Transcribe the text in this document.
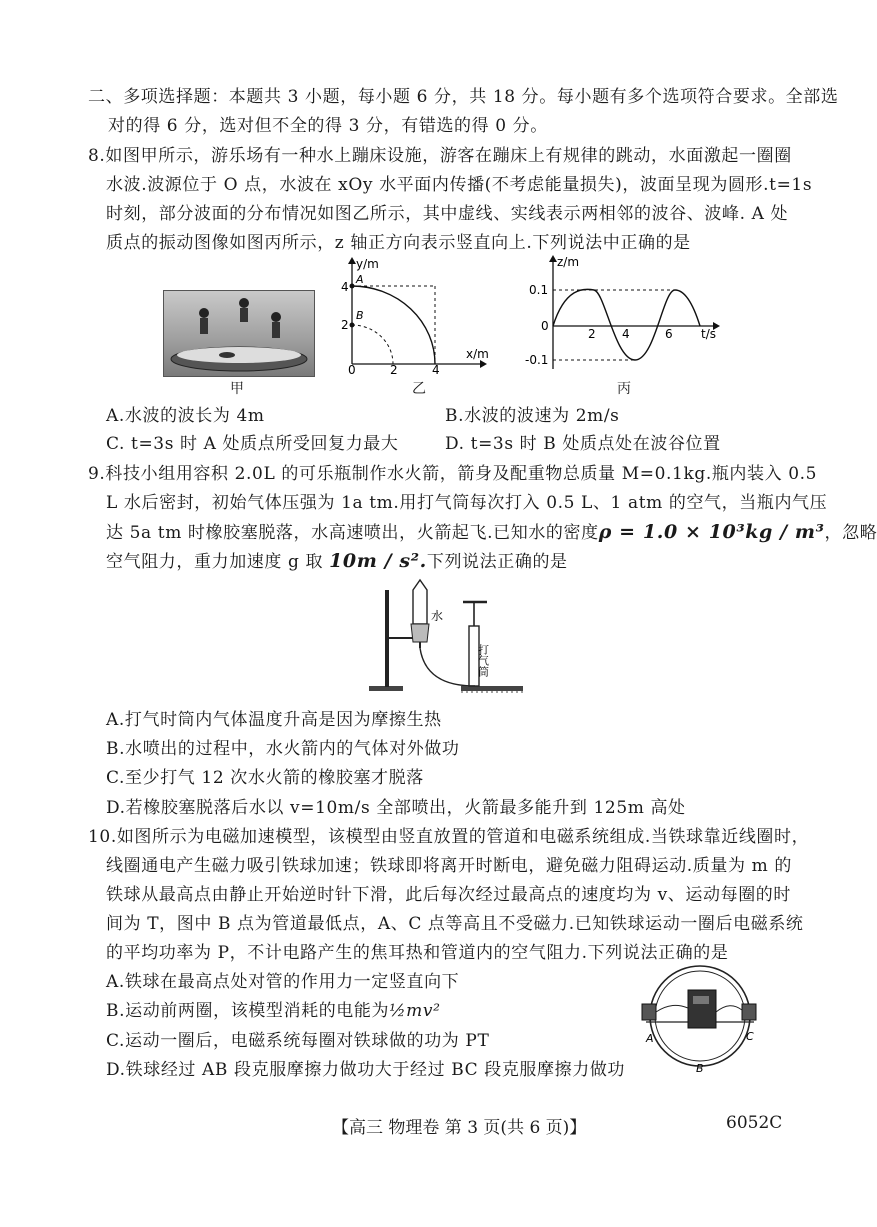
二、多项选择题：本题共 3 小题，每小题 6 分，共 18 分。每小题有多个选项符合要求。全部选
对的得 6 分，选对但不全的得 3 分，有错选的得 0 分。
8.如图甲所示，游乐场有一种水上蹦床设施，游客在蹦床上有规律的跳动，水面激起一圈圈
水波.波源位于 O 点，水波在 xOy 水平面内传播(不考虑能量损失)，波面呈现为圆形.t=1s
时刻，部分波面的分布情况如图乙所示，其中虚线、实线表示两相邻的波谷、波峰. A 处
质点的振动图像如图丙所示，z 轴正方向表示竖直向上.下列说法中正确的是
甲
y/m
x/m
4
2
0	2	4
A
B
乙
z/m
t/s
0.1
0
-0.1
2 4	6
丙
A.水波的波长为 4m	B.水波的波速为 2m/s
C. t=3s 时 A 处质点所受回复力最大	D. t=3s 时 B 处质点处在波谷位置
9.科技小组用容积 2.0L 的可乐瓶制作水火箭，箭身及配重物总质量 M=0.1kg.瓶内装入 0.5
L 水后密封，初始气体压强为 1a tm.用打气筒每次打入 0.5 L、1 atm 的空气，当瓶内气压
达 5a tm 时橡胶塞脱落，水高速喷出，火箭起飞.已知水的密度ρ = 1.0 × 10³kg / m³，忽略
空气阻力，重力加速度 g 取 10m / s².下列说法正确的是
水
打气筒
A.打气时筒内气体温度升高是因为摩擦生热
B.水喷出的过程中，水火箭内的气体对外做功
C.至少打气 12 次水火箭的橡胶塞才脱落
D.若橡胶塞脱落后水以 v=10m/s 全部喷出，火箭最多能升到 125m 高处
10.如图所示为电磁加速模型，该模型由竖直放置的管道和电磁系统组成.当铁球靠近线圈时，
线圈通电产生磁力吸引铁球加速；铁球即将离开时断电，避免磁力阻碍运动.质量为 m 的
铁球从最高点由静止开始逆时针下滑，此后每次经过最高点的速度均为 v、运动每圈的时
间为 T，图中 B 点为管道最低点，A、C 点等高且不受磁力.已知铁球运动一圈后电磁系统
的平均功率为 P，不计电路产生的焦耳热和管道内的空气阻力.下列说法正确的是
A.铁球在最高点处对管的作用力一定竖直向下
B.运动前两圈，该模型消耗的电能为½mv²
C.运动一圈后，电磁系统每圈对铁球做的功为 PT
D.铁球经过 AB 段克服摩擦力做功大于经过 BC 段克服摩擦力做功
A
B
C
【高三 物理卷 第 3 页(共 6 页)】	6052C
